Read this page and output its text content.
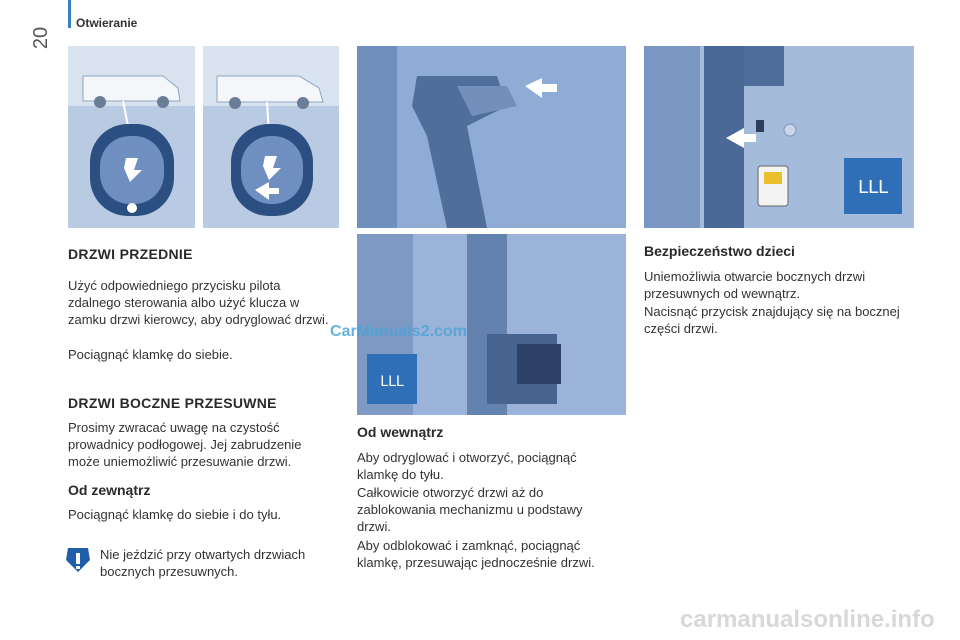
20
Otwieranie
ⅬⅬⅬ
ⅬⅬⅬ
CarManuals2.com
DRZWI PRZEDNIE

Użyć odpowiedniego przycisku pilota zdalnego sterowania albo użyć klucza w zamku drzwi kierowcy, aby odryglować drzwi.

Pociągnąć klamkę do siebie.

DRZWI BOCZNE PRZESUWNE

Prosimy zwracać uwagę na czystość prowadnicy podłogowej. Jej zabrudzenie może uniemożliwić przesuwanie drzwi.

Od zewnątrz

Pociągnąć klamkę do siebie i do tyłu.

Nie jeździć przy otwartych drzwiach bocznych przesuwnych.

Od wewnątrz

Aby odryglować i otworzyć, pociągnąć klamkę do tyłu.

Całkowicie otworzyć drzwi aż do zablokowania mechanizmu u podstawy drzwi.

Aby odblokować i zamknąć, pociągnąć klamkę, przesuwając jednocześnie drzwi.

Bezpieczeństwo dzieci

Uniemożliwia otwarcie bocznych drzwi przesuwnych od wewnątrz.

Nacisnąć przycisk znajdujący się na bocznej części drzwi.

carmanualsonline.info
